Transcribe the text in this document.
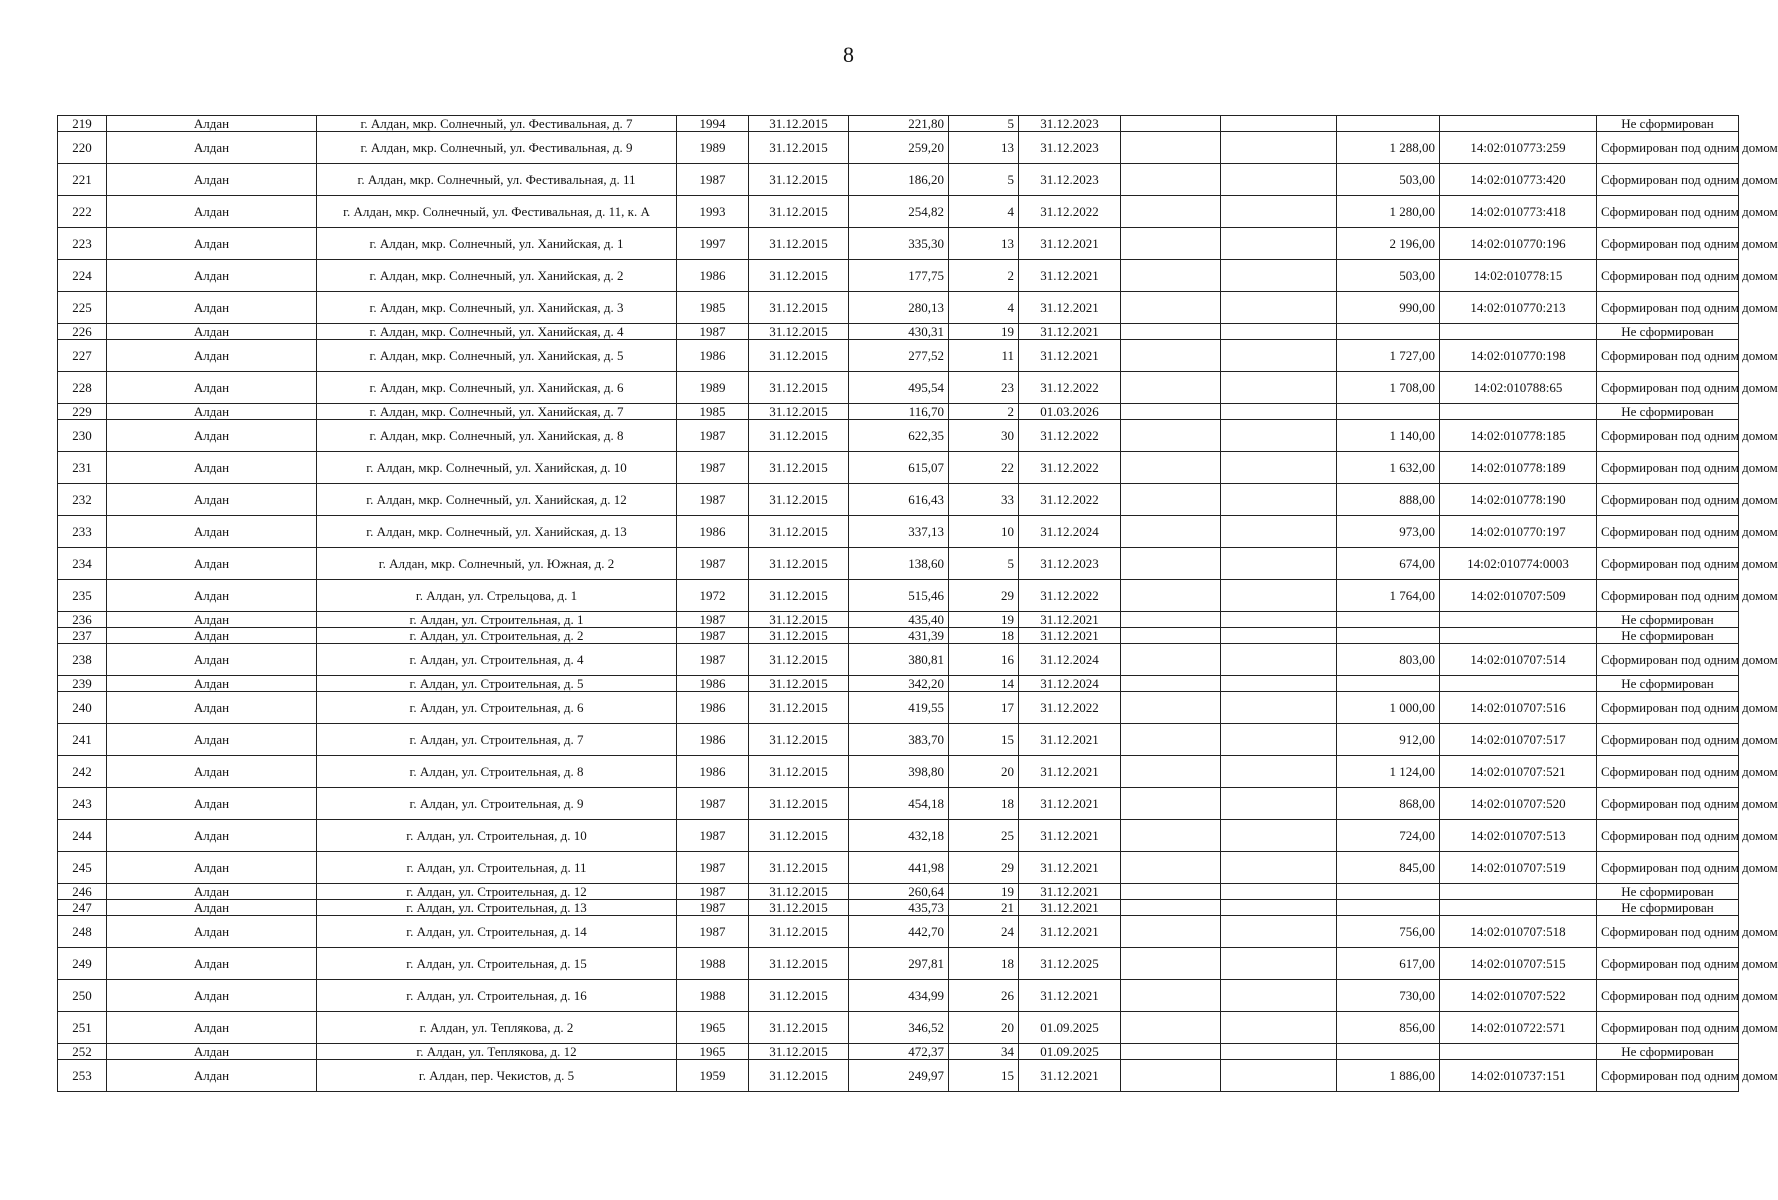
8
219	Алдан	г. Алдан, мкр. Солнечный, ул. Фестивальная, д. 7	1994	31.12.2015	221,80	5	31.12.2023					Не сформирован
220	Алдан	г. Алдан, мкр. Солнечный, ул. Фестивальная, д. 9	1989	31.12.2015	259,20	13	31.12.2023			1 288,00	14:02:010773:259	Сформирован под одним домом
221	Алдан	г. Алдан, мкр. Солнечный, ул. Фестивальная, д. 11	1987	31.12.2015	186,20	5	31.12.2023			503,00	14:02:010773:420	Сформирован под одним домом
222	Алдан	г. Алдан, мкр. Солнечный, ул. Фестивальная, д. 11, к. А	1993	31.12.2015	254,82	4	31.12.2022			1 280,00	14:02:010773:418	Сформирован под одним домом
223	Алдан	г. Алдан, мкр. Солнечный, ул. Ханийская, д. 1	1997	31.12.2015	335,30	13	31.12.2021			2 196,00	14:02:010770:196	Сформирован под одним домом
224	Алдан	г. Алдан, мкр. Солнечный, ул. Ханийская, д. 2	1986	31.12.2015	177,75	2	31.12.2021			503,00	14:02:010778:15	Сформирован под одним домом
225	Алдан	г. Алдан, мкр. Солнечный, ул. Ханийская, д. 3	1985	31.12.2015	280,13	4	31.12.2021			990,00	14:02:010770:213	Сформирован под одним домом
226	Алдан	г. Алдан, мкр. Солнечный, ул. Ханийская, д. 4	1987	31.12.2015	430,31	19	31.12.2021					Не сформирован
227	Алдан	г. Алдан, мкр. Солнечный, ул. Ханийская, д. 5	1986	31.12.2015	277,52	11	31.12.2021			1 727,00	14:02:010770:198	Сформирован под одним домом
228	Алдан	г. Алдан, мкр. Солнечный, ул. Ханийская, д. 6	1989	31.12.2015	495,54	23	31.12.2022			1 708,00	14:02:010788:65	Сформирован под одним домом
229	Алдан	г. Алдан, мкр. Солнечный, ул. Ханийская, д. 7	1985	31.12.2015	116,70	2	01.03.2026					Не сформирован
230	Алдан	г. Алдан, мкр. Солнечный, ул. Ханийская, д. 8	1987	31.12.2015	622,35	30	31.12.2022			1 140,00	14:02:010778:185	Сформирован под одним домом
231	Алдан	г. Алдан, мкр. Солнечный, ул. Ханийская, д. 10	1987	31.12.2015	615,07	22	31.12.2022			1 632,00	14:02:010778:189	Сформирован под одним домом
232	Алдан	г. Алдан, мкр. Солнечный, ул. Ханийская, д. 12	1987	31.12.2015	616,43	33	31.12.2022			888,00	14:02:010778:190	Сформирован под одним домом
233	Алдан	г. Алдан, мкр. Солнечный, ул. Ханийская, д. 13	1986	31.12.2015	337,13	10	31.12.2024			973,00	14:02:010770:197	Сформирован под одним домом
234	Алдан	г. Алдан, мкр. Солнечный, ул. Южная, д. 2	1987	31.12.2015	138,60	5	31.12.2023			674,00	14:02:010774:0003	Сформирован под одним домом
235	Алдан	г. Алдан, ул. Стрельцова, д. 1	1972	31.12.2015	515,46	29	31.12.2022			1 764,00	14:02:010707:509	Сформирован под одним домом
236	Алдан	г. Алдан, ул. Строительная, д. 1	1987	31.12.2015	435,40	19	31.12.2021					Не сформирован
237	Алдан	г. Алдан, ул. Строительная, д. 2	1987	31.12.2015	431,39	18	31.12.2021					Не сформирован
238	Алдан	г. Алдан, ул. Строительная, д. 4	1987	31.12.2015	380,81	16	31.12.2024			803,00	14:02:010707:514	Сформирован под одним домом
239	Алдан	г. Алдан, ул. Строительная, д. 5	1986	31.12.2015	342,20	14	31.12.2024					Не сформирован
240	Алдан	г. Алдан, ул. Строительная, д. 6	1986	31.12.2015	419,55	17	31.12.2022			1 000,00	14:02:010707:516	Сформирован под одним домом
241	Алдан	г. Алдан, ул. Строительная, д. 7	1986	31.12.2015	383,70	15	31.12.2021			912,00	14:02:010707:517	Сформирован под одним домом
242	Алдан	г. Алдан, ул. Строительная, д. 8	1986	31.12.2015	398,80	20	31.12.2021			1 124,00	14:02:010707:521	Сформирован под одним домом
243	Алдан	г. Алдан, ул. Строительная, д. 9	1987	31.12.2015	454,18	18	31.12.2021			868,00	14:02:010707:520	Сформирован под одним домом
244	Алдан	г. Алдан, ул. Строительная, д. 10	1987	31.12.2015	432,18	25	31.12.2021			724,00	14:02:010707:513	Сформирован под одним домом
245	Алдан	г. Алдан, ул. Строительная, д. 11	1987	31.12.2015	441,98	29	31.12.2021			845,00	14:02:010707:519	Сформирован под одним домом
246	Алдан	г. Алдан, ул. Строительная, д. 12	1987	31.12.2015	260,64	19	31.12.2021					Не сформирован
247	Алдан	г. Алдан, ул. Строительная, д. 13	1987	31.12.2015	435,73	21	31.12.2021					Не сформирован
248	Алдан	г. Алдан, ул. Строительная, д. 14	1987	31.12.2015	442,70	24	31.12.2021			756,00	14:02:010707:518	Сформирован под одним домом
249	Алдан	г. Алдан, ул. Строительная, д. 15	1988	31.12.2015	297,81	18	31.12.2025			617,00	14:02:010707:515	Сформирован под одним домом
250	Алдан	г. Алдан, ул. Строительная, д. 16	1988	31.12.2015	434,99	26	31.12.2021			730,00	14:02:010707:522	Сформирован под одним домом
251	Алдан	г. Алдан, ул. Теплякова, д. 2	1965	31.12.2015	346,52	20	01.09.2025			856,00	14:02:010722:571	Сформирован под одним домом
252	Алдан	г. Алдан, ул. Теплякова, д. 12	1965	31.12.2015	472,37	34	01.09.2025					Не сформирован
253	Алдан	г. Алдан, пер. Чекистов, д. 5	1959	31.12.2015	249,97	15	31.12.2021			1 886,00	14:02:010737:151	Сформирован под одним домом
